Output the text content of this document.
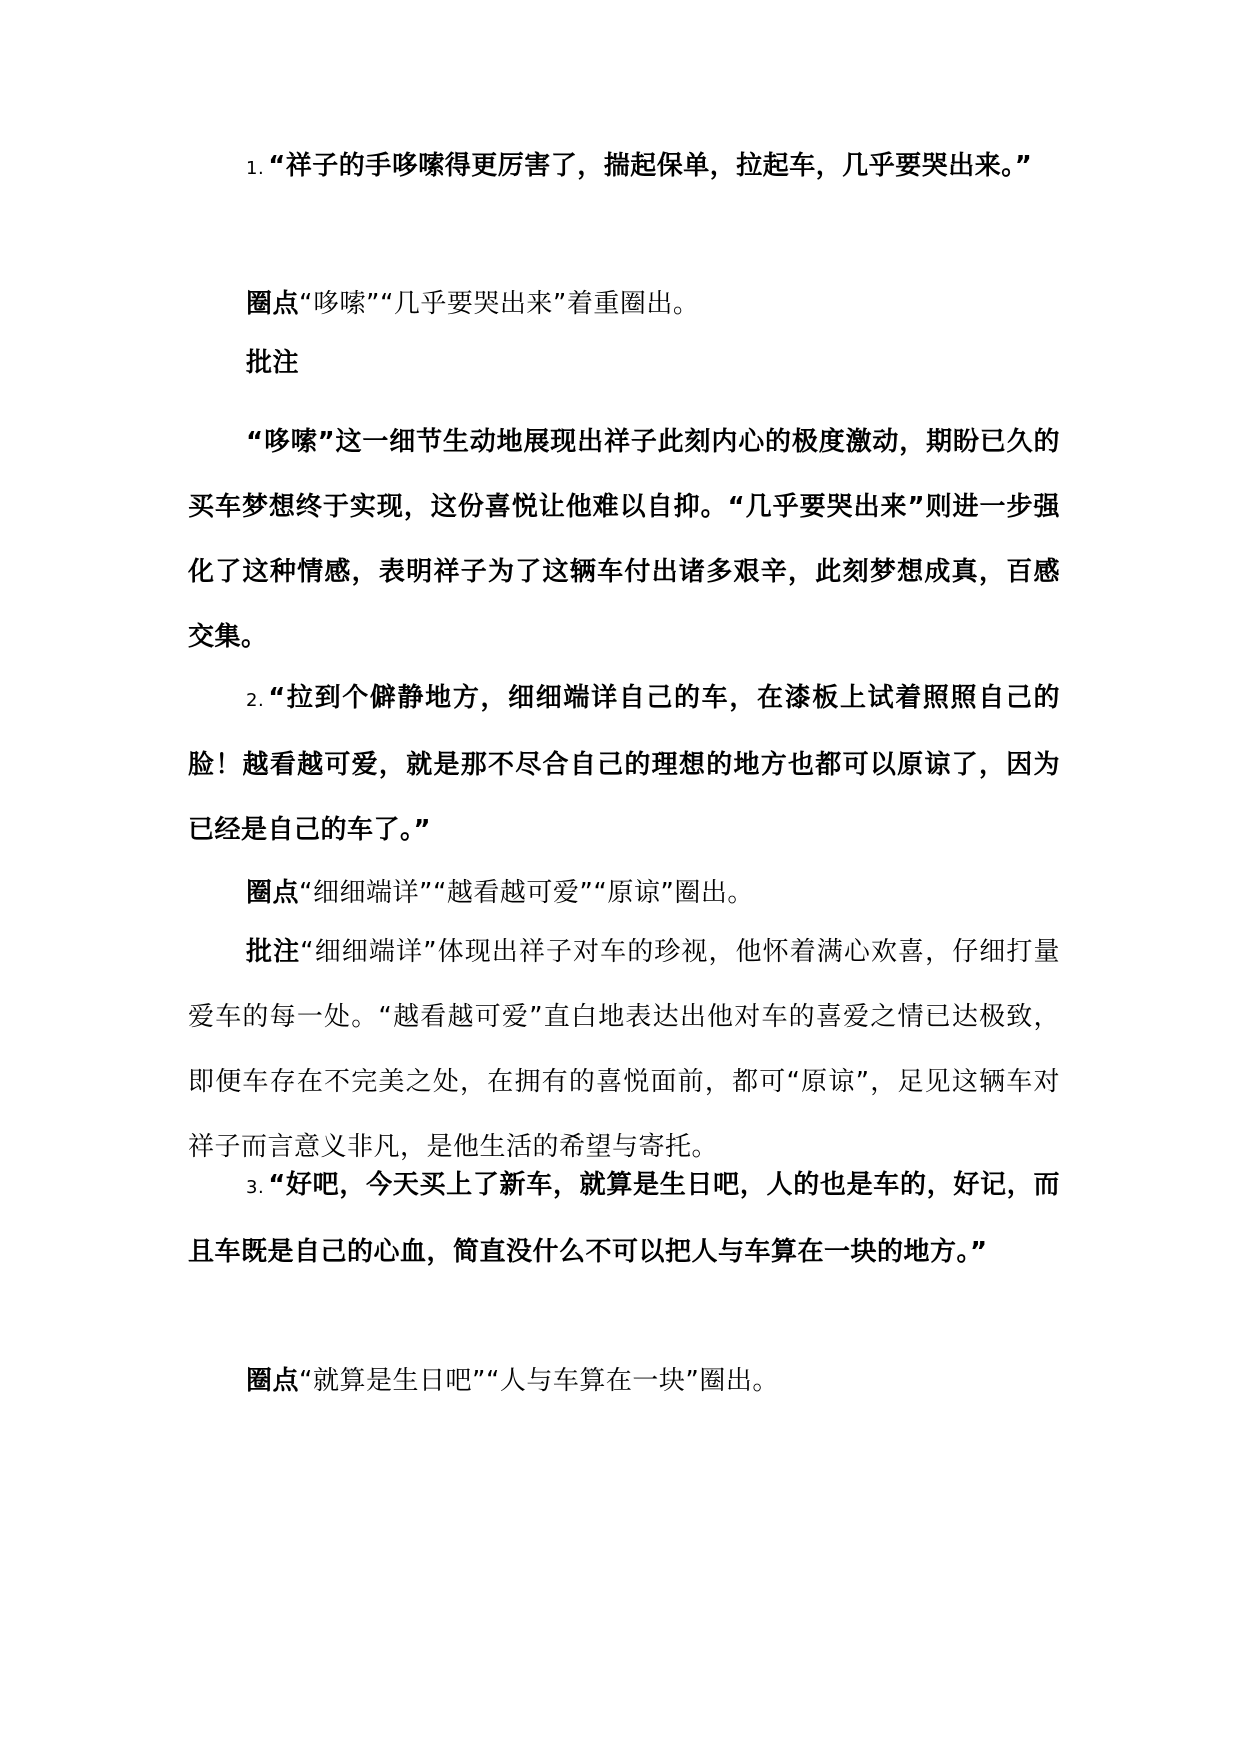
1. “祥子的手哆嗦得更厉害了，揣起保单，拉起车，几乎要哭出来。”

圈点“哆嗦”“几乎要哭出来”着重圈出。

批注

“哆嗦”这一细节生动地展现出祥子此刻内心的极度激动，期盼已久的买车梦想终于实现，这份喜悦让他难以自抑。“几乎要哭出来”则进一步强化了这种情感，表明祥子为了这辆车付出诸多艰辛，此刻梦想成真，百感交集。

2. “拉到个僻静地方，细细端详自己的车，在漆板上试着照照自己的脸！越看越可爱，就是那不尽合自己的理想的地方也都可以原谅了，因为已经是自己的车了。”

圈点“细细端详”“越看越可爱”“原谅”圈出。

批注“细细端详”体现出祥子对车的珍视，他怀着满心欢喜，仔细打量爱车的每一处。“越看越可爱”直白地表达出他对车的喜爱之情已达极致，即便车存在不完美之处，在拥有的喜悦面前，都可“原谅”，足见这辆车对祥子而言意义非凡，是他生活的希望与寄托。

3. “好吧，今天买上了新车，就算是生日吧，人的也是车的，好记，而且车既是自己的心血，简直没什么不可以把人与车算在一块的地方。”

圈点“就算是生日吧”“人与车算在一块”圈出。
